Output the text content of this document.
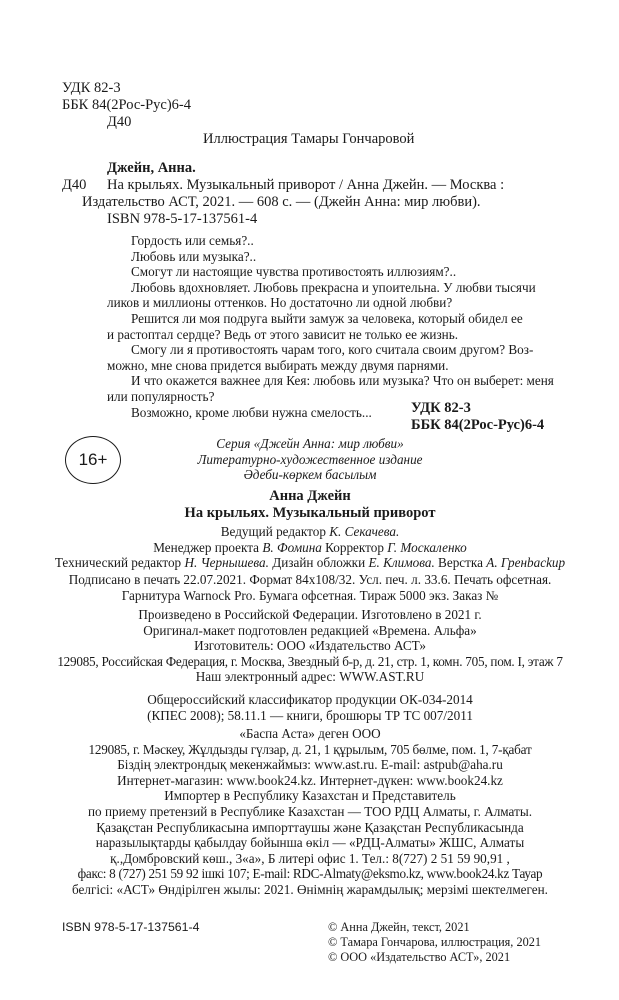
УДК 82-3
ББК 84(2Рос-Рус)6-4
Д40
Иллюстрация Тамары Гончаровой
Джейн, Анна.
Д40 На крыльях. Музыкальный приворот / Анна Джейн. — Москва :
Издательство АСТ, 2021. — 608 с. — (Джейн Анна: мир любви).
ISBN 978-5-17-137561-4

Гордость или семья?..

Любовь или музыка?..

Смогут ли настоящие чувства противостоять иллюзиям?..

Любовь вдохновляет. Любовь прекрасна и упоительна. У любви тысячи

ликов и миллионы оттенков. Но достаточно ли одной любви?

Решится ли моя подруга выйти замуж за человека, который обидел ее

и растоптал сердце? Ведь от этого зависит не только ее жизнь.

Смогу ли я противостоять чарам того, кого считала своим другом? Воз-

можно, мне снова придется выбирать между двумя парнями.

И что окажется важнее для Кея: любовь или музыка? Что он выберет: меня

или популярность?

Возможно, кроме любви нужна смелость...	УДК 82-3
ББК 84(2Рос-Рус)6-4
16+

Серия «Джейн Анна: мир любви»

Литературно-художественное издание

Әдеби-көркем басылым

Анна Джейн

На крыльях. Музыкальный приворот

Ведущий редактор К. Секачева.

Менеджер проекта В. Фомина Корректор Г. Москаленко

Технический редактор Н. Чернышева. Дизайн обложки Е. Климова. Верстка А. Гренbackup

Подписано в печать 22.07.2021. Формат 84x108/32. Усл. печ. л. 33.6. Печать офсетная.

Гарнитура Warnock Pro. Бумага офсетная. Тираж 5000 экз. Заказ №

Произведено в Российской Федерации. Изготовлено в 2021 г.

Оригинал-макет подготовлен редакцией «Времена. Альфа»

Изготовитель: ООО «Издательство АСТ»

129085, Российская Федерация, г. Москва, Звездный б-р, д. 21, стр. 1, комн. 705, пом. I, этаж 7

Наш электронный адрес: WWW.AST.RU

Общероссийский классификатор продукции ОК-034-2014

(КПЕС 2008); 58.11.1 — книги, брошюры ТР ТС 007/2011

«Баспа Аста» деген ООО

129085, г. Мәскеу, Жұлдызды гүлзар, д. 21, 1 құрылым, 705 бөлме, пом. 1, 7-қабат

Біздің электрондық мекенжаймыз: www.ast.ru. E-mail: astpub@aha.ru

Интернет-магазин: www.book24.kz. Интернет-дүкен: www.book24.kz

Импортер в Республику Казахстан и Представитель

по приему претензий в Республике Казахстан — ТОО РДЦ Алматы, г. Алматы.

Қазақстан Республикасына импорттаушы және Қазақстан Республикасында

наразылықтарды қабылдау бойынша өкіл — «РДЦ-Алматы» ЖШС, Алматы

қ.,Домбровский көш., 3«а», Б литері офис 1. Тел.: 8(727) 2 51 59 90,91 ,

факс: 8 (727) 251 59 92 ішкі 107; E-mail: RDC-Almaty@eksmo.kz, www.book24.kz Тауар

белгісі: «АСТ» Өндірілген жылы: 2021. Өнімнің жарамдылық; мерзімі шектелмеген.

ISBN 978-5-17-137561-4	© Анна Джейн, текст, 2021
© Тамара Гончарова, иллюстрация, 2021
© ООО «Издательство АСТ», 2021
